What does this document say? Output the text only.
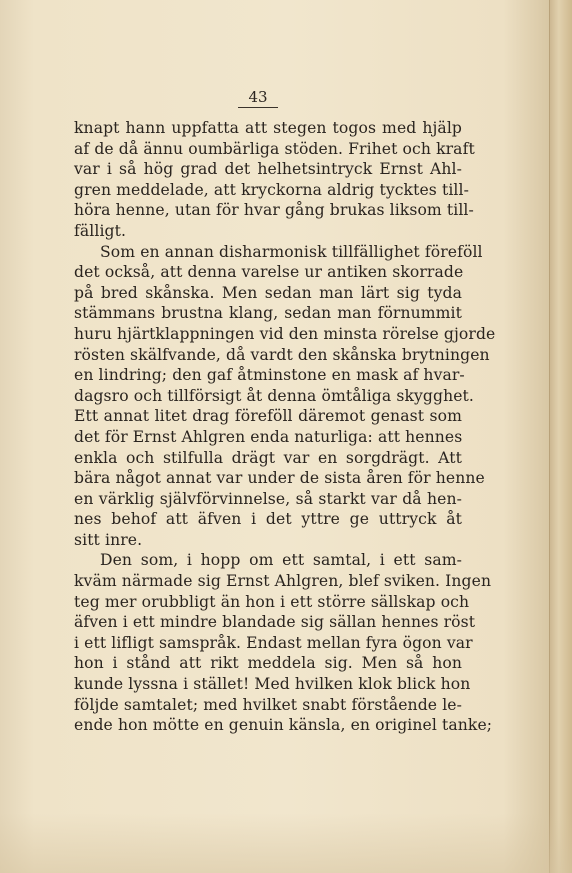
43
knapt hann uppfatta att stegen togos med hjälp
af de då ännu oumbärliga stöden. Frihet och kraft
var i så hög grad det helhetsintryck Ernst Ahl-
gren meddelade, att kryckorna aldrig tycktes till-
höra henne, utan för hvar gång brukas liksom till-
fälligt.
Som en annan disharmonisk tillfällighet föreföll
det också, att denna varelse ur antiken skorrade
på bred skånska. Men sedan man lärt sig tyda
stämmans brustna klang, sedan man förnummit
huru hjärtklappningen vid den minsta rörelse gjorde
rösten skälfvande, då vardt den skånska brytningen
en lindring; den gaf åtminstone en mask af hvar-
dagsro och tillförsigt åt denna ömtåliga skygghet.
Ett annat litet drag föreföll däremot genast som
det för Ernst Ahlgren enda naturliga: att hennes
enkla och stilfulla drägt var en sorgdrägt. Att
bära något annat var under de sista åren för henne
en värklig självförvinnelse, så starkt var då hen-
nes behof att äfven i det yttre ge uttryck åt
sitt inre.
Den som, i hopp om ett samtal, i ett sam-
kväm närmade sig Ernst Ahlgren, blef sviken. Ingen
teg mer orubbligt än hon i ett större sällskap och
äfven i ett mindre blandade sig sällan hennes röst
i ett lifligt samspråk. Endast mellan fyra ögon var
hon i stånd att rikt meddela sig. Men så hon
kunde lyssna i stället! Med hvilken klok blick hon
följde samtalet; med hvilket snabt förstående le-
ende hon mötte en genuin känsla, en originel tanke;
